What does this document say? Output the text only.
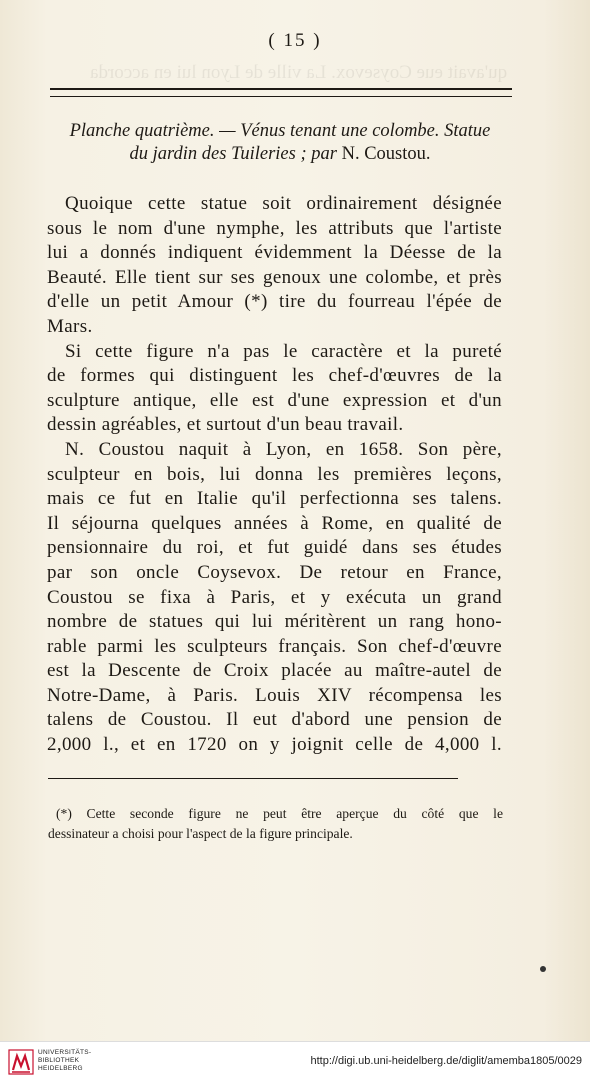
qu'avait eue Coysevox. La ville de Lyon lui en accorda
( 15 )
Planche quatrième. — Vénus tenant une colombe. Statue
du jardin des Tuileries ; par N. Coustou.

Quoique cette statue soit ordinairement désignée
sous le nom d'une nymphe, les attributs que l'artiste
lui a donnés indiquent évidemment la Déesse de la
Beauté. Elle tient sur ses genoux une colombe, et près
d'elle un petit Amour (*) tire du fourreau l'épée de
Mars.

Si cette figure n'a pas le caractère et la pureté
de formes qui distinguent les chef-d'œuvres de la
sculpture antique, elle est d'une expression et d'un
dessin agréables, et surtout d'un beau travail.

N. Coustou naquit à Lyon, en 1658. Son père,
sculpteur en bois, lui donna les premières leçons,
mais ce fut en Italie qu'il perfectionna ses talens.
Il séjourna quelques années à Rome, en qualité de
pensionnaire du roi, et fut guidé dans ses études
par son oncle Coysevox. De retour en France,
Coustou se fixa à Paris, et y exécuta un grand
nombre de statues qui lui méritèrent un rang hono-
rable parmi les sculpteurs français. Son chef-d'œuvre
est la Descente de Croix placée au maître-autel de
Notre-Dame, à Paris. Louis XIV récompensa les
talens de Coustou. Il eut d'abord une pension de
2,000 l., et en 1720 on y joignit celle de 4,000 l.

(*) Cette seconde figure ne peut être aperçue du côté que le
dessinateur a choisi pour l'aspect de la figure principale.
UNIVERSITÄTS-
BIBLIOTHEK
HEIDELBERG
http://digi.ub.uni-heidelberg.de/diglit/amemba1805/0029
